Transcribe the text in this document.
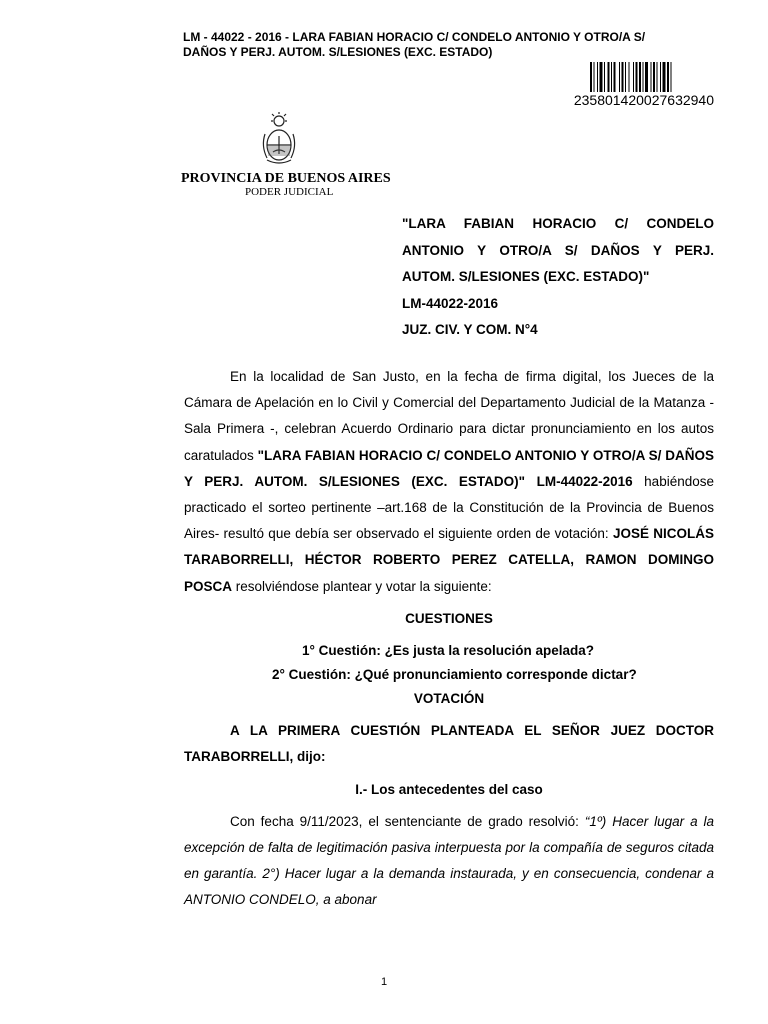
LM - 44022 - 2016 - LARA FABIAN HORACIO C/ CONDELO ANTONIO Y OTRO/A S/
DAÑOS Y PERJ. AUTOM. S/LESIONES (EXC. ESTADO)
235801420027632940
PROVINCIA DE BUENOS AIRES
PODER JUDICIAL
"LARA FABIAN HORACIO C/ CONDELO
ANTONIO Y OTRO/A S/ DAÑOS Y PERJ.
AUTOM. S/LESIONES (EXC. ESTADO)"
LM-44022-2016
JUZ. CIV. Y COM. N°4

En la localidad de San Justo, en la fecha de firma digital, los Jueces de la Cámara de Apelación en lo Civil y Comercial del Departamento Judicial de la Matanza - Sala Primera -, celebran Acuerdo Ordinario para dictar pronunciamiento en los autos caratulados "LARA FABIAN HORACIO C/ CONDELO ANTONIO Y OTRO/A S/ DAÑOS Y PERJ. AUTOM. S/LESIONES (EXC. ESTADO)" LM-44022-2016 habiéndose practicado el sorteo pertinente –art.168 de la Constitución de la Provincia de Buenos Aires- resultó que debía ser observado el siguiente orden de votación: JOSÉ NICOLÁS TARABORRELLI, HÉCTOR ROBERTO PEREZ CATELLA, RAMON DOMINGO POSCA resolviéndose plantear y votar la siguiente:

CUESTIONES

1° Cuestión: ¿Es justa la resolución apelada?

2° Cuestión: ¿Qué pronunciamiento corresponde dictar?

VOTACIÓN

A LA PRIMERA CUESTIÓN PLANTEADA EL SEÑOR JUEZ DOCTOR TARABORRELLI, dijo:

I.- Los antecedentes del caso

Con fecha 9/11/2023, el sentenciante de grado resolvió: “1º) Hacer lugar a la excepción de falta de legitimación pasiva interpuesta por la compañía de seguros citada en garantía. 2°) Hacer lugar a la demanda instaurada, y en consecuencia, condenar a ANTONIO CONDELO, a abonar

1
